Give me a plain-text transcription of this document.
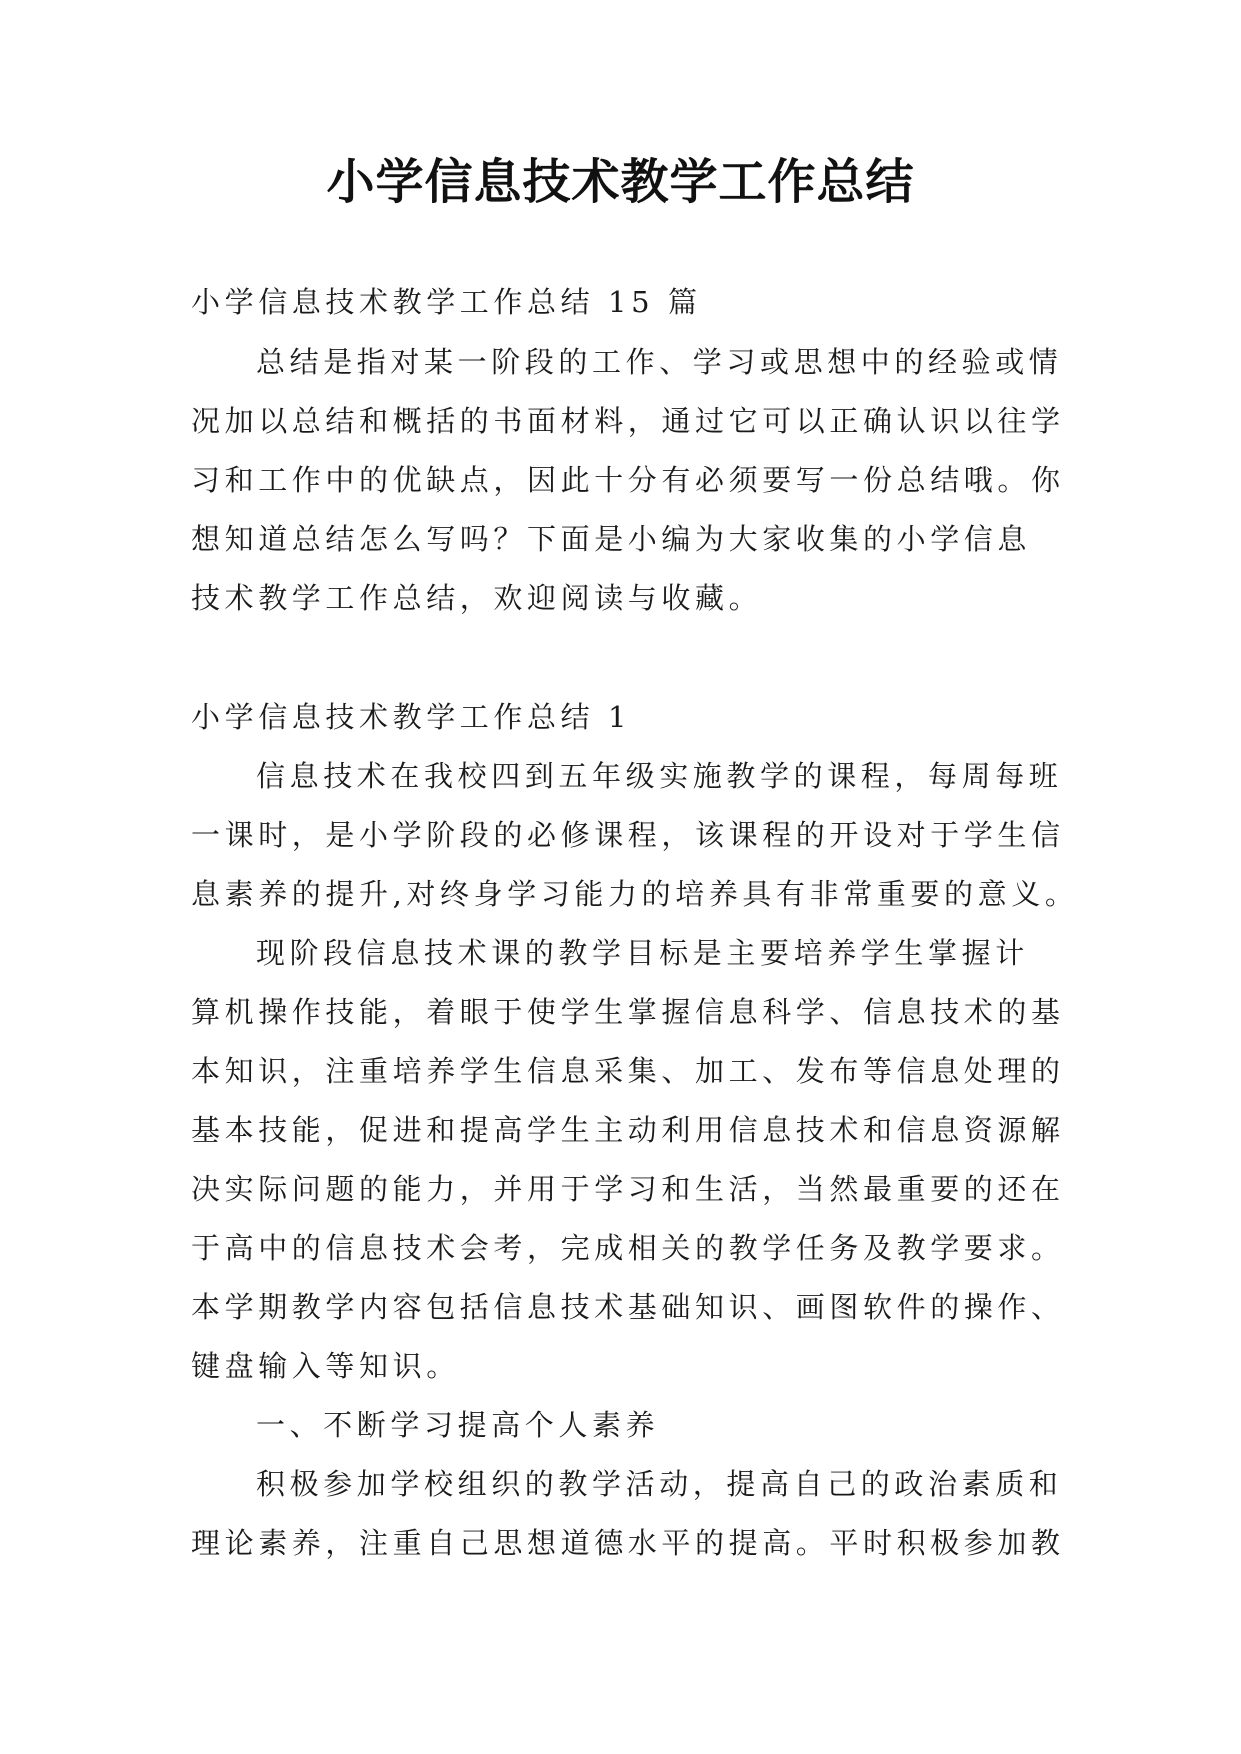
小学信息技术教学工作总结

小学信息技术教学工作总结 15 篇

总结是指对某一阶段的工作、学习或思想中的经验或情

况加以总结和概括的书面材料，通过它可以正确认识以往学

习和工作中的优缺点，因此十分有必须要写一份总结哦。你

想知道总结怎么写吗？下面是小编为大家收集的小学信息

技术教学工作总结，欢迎阅读与收藏。

小学信息技术教学工作总结 1

信息技术在我校四到五年级实施教学的课程，每周每班

一课时，是小学阶段的必修课程，该课程的开设对于学生信

息素养的提升,对终身学习能力的培养具有非常重要的意义。

现阶段信息技术课的教学目标是主要培养学生掌握计

算机操作技能，着眼于使学生掌握信息科学、信息技术的基

本知识，注重培养学生信息采集、加工、发布等信息处理的

基本技能，促进和提高学生主动利用信息技术和信息资源解

决实际问题的能力，并用于学习和生活，当然最重要的还在

于高中的信息技术会考，完成相关的教学任务及教学要求。

本学期教学内容包括信息技术基础知识、画图软件的操作、

键盘输入等知识。

一、不断学习提高个人素养

积极参加学校组织的教学活动，提高自己的政治素质和

理论素养，注重自己思想道德水平的提高。平时积极参加教
